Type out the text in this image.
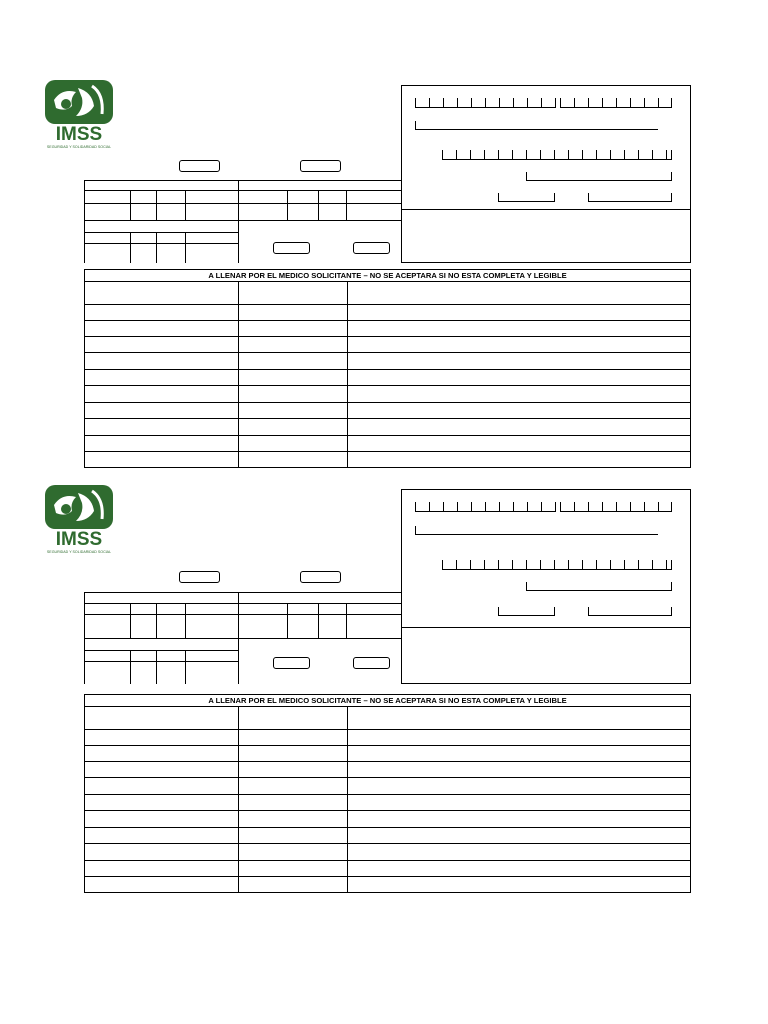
IMSS
SEGURIDAD Y SOLIDARIDAD SOCIAL
A LLENAR POR EL MEDICO SOLICITANTE – NO SE ACEPTARA SI NO ESTA COMPLETA Y LEGIBLE
IMSS
SEGURIDAD Y SOLIDARIDAD SOCIAL
A LLENAR POR EL MEDICO SOLICITANTE – NO SE ACEPTARA SI NO ESTA COMPLETA Y LEGIBLE
